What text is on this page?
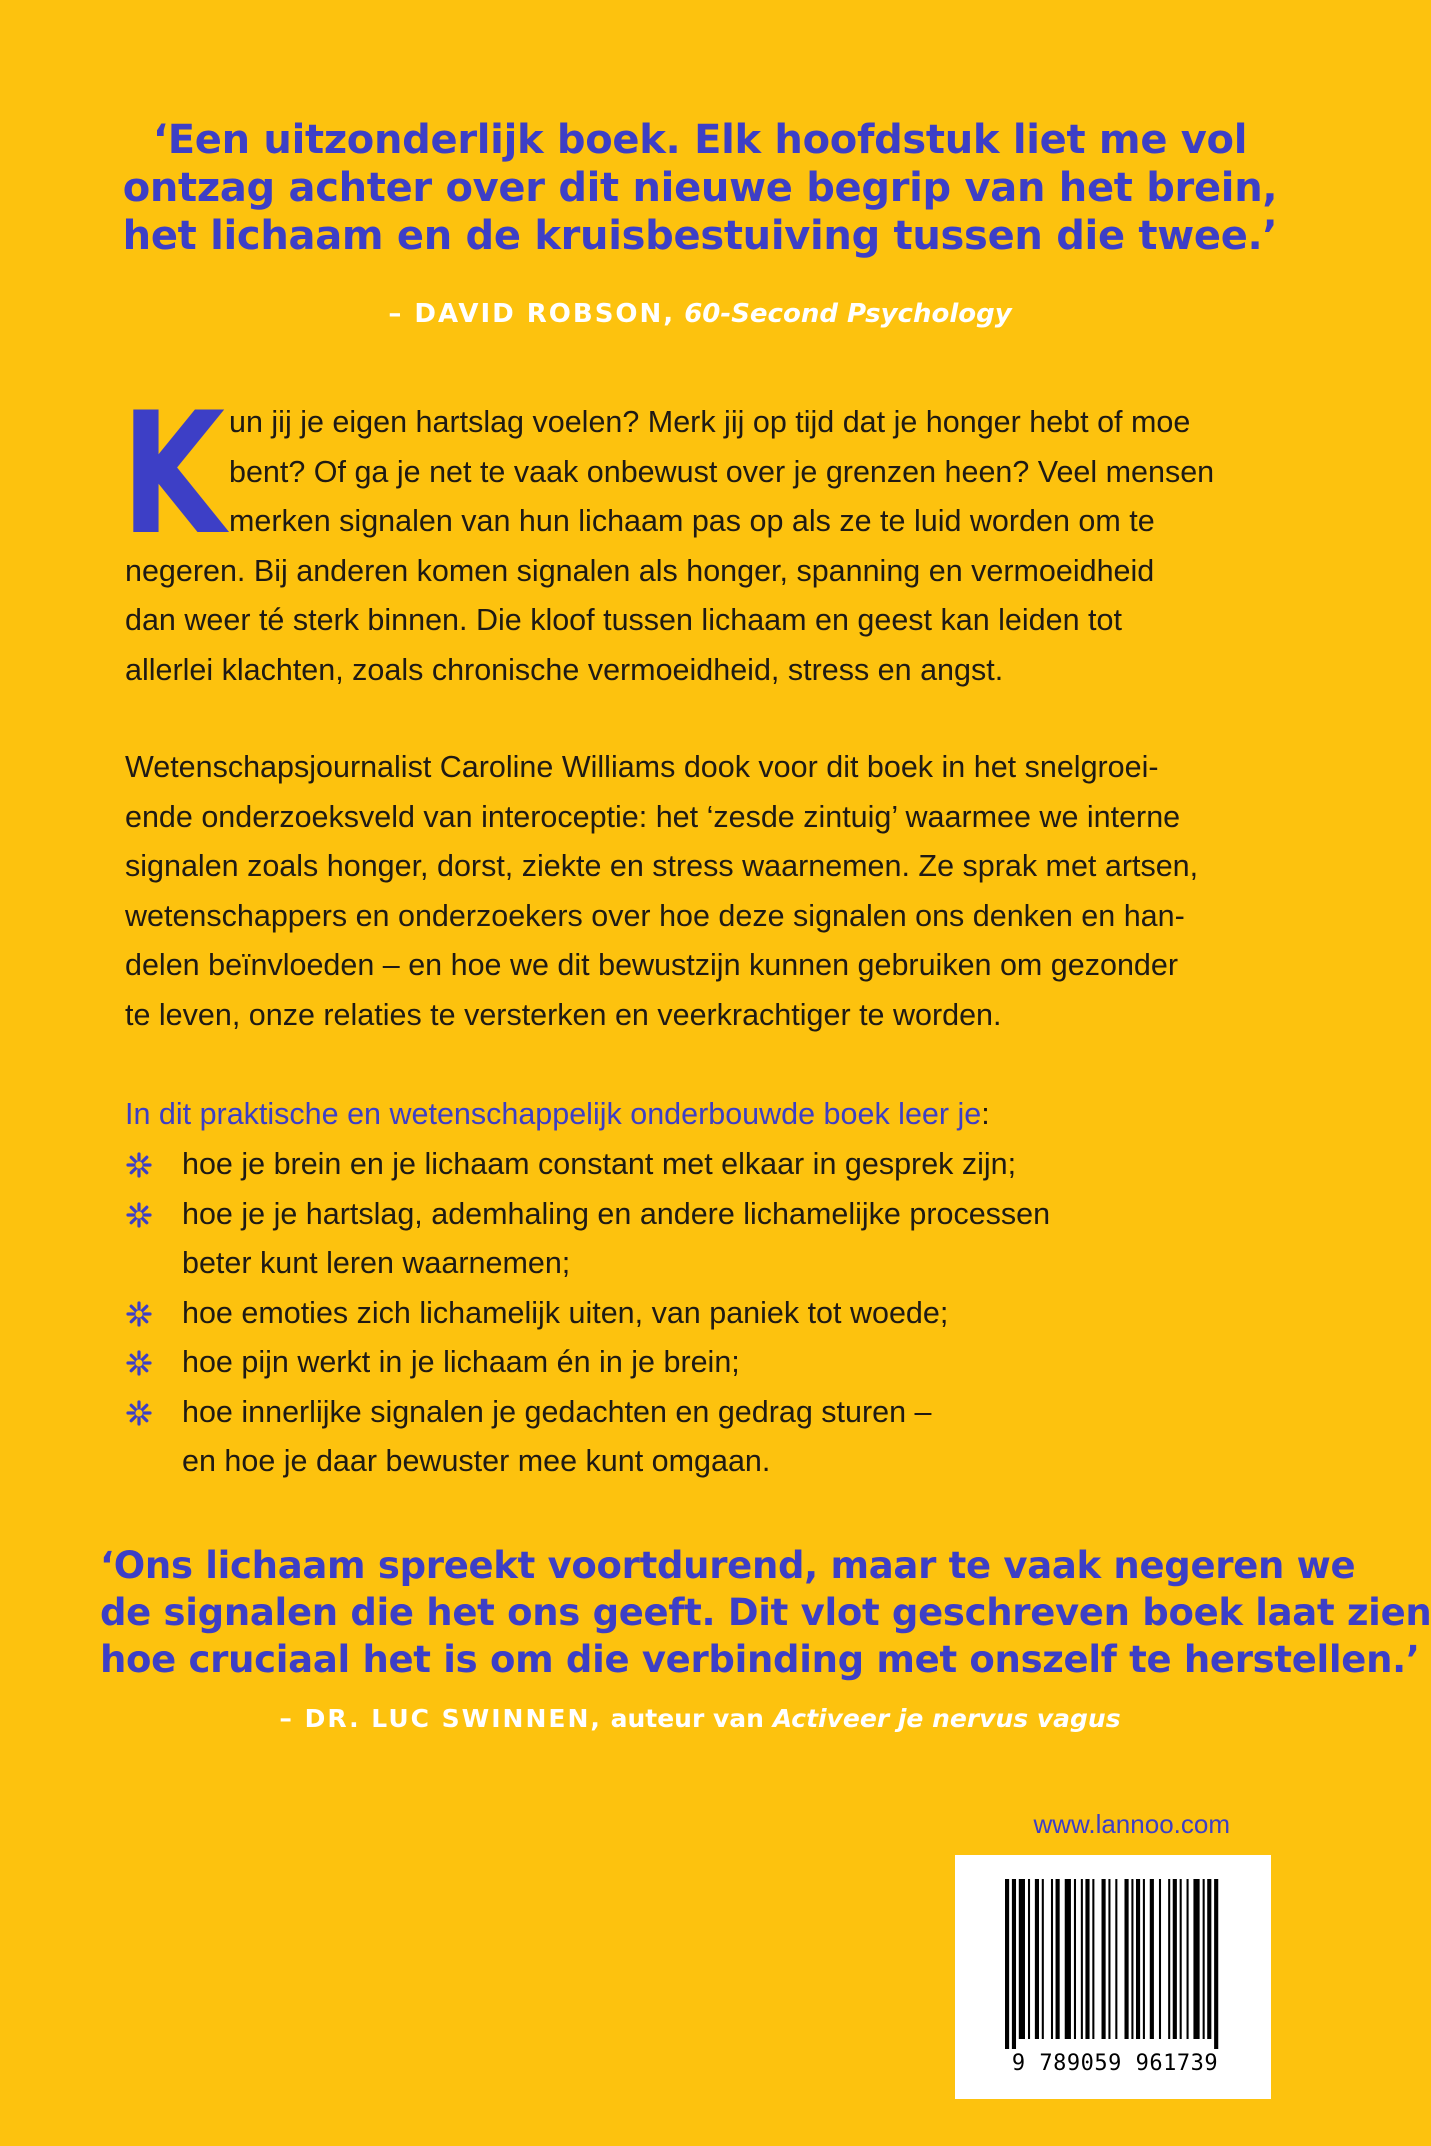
‘Een uitzonderlijk boek. Elk hoofdstuk liet me vol
ontzag achter over dit nieuwe begrip van het brein,
het lichaam en de kruisbestuiving tussen die twee.’
– DAVID ROBSON, 60-Second Psychology
K un jij je eigen hartslag voelen? Merk jij op tijd dat je honger hebt of moe
bent? Of ga je net te vaak onbewust over je grenzen heen? Veel mensen
merken signalen van hun lichaam pas op als ze te luid worden om te
negeren. Bij anderen komen signalen als honger, spanning en vermoeidheid
dan weer té sterk binnen. Die kloof tussen lichaam en geest kan leiden tot
allerlei klachten, zoals chronische vermoeidheid, stress en angst.
Wetenschapsjournalist Caroline Williams dook voor dit boek in het snelgroei-
ende onderzoeksveld van interoceptie: het ‘zesde zintuig’ waarmee we interne
signalen zoals honger, dorst, ziekte en stress waarnemen. Ze sprak met artsen,
wetenschappers en onderzoekers over hoe deze signalen ons denken en han-
delen beïnvloeden – en hoe we dit bewustzijn kunnen gebruiken om gezonder
te leven, onze relaties te versterken en veerkrachtiger te worden.
In dit praktische en wetenschappelijk onderbouwde boek leer je:
hoe je brein en je lichaam constant met elkaar in gesprek zijn;
hoe je je hartslag, ademhaling en andere lichamelijke processen
beter kunt leren waarnemen;
hoe emoties zich lichamelijk uiten, van paniek tot woede;
hoe pijn werkt in je lichaam én in je brein;
hoe innerlijke signalen je gedachten en gedrag sturen –
en hoe je daar bewuster mee kunt omgaan.
‘Ons lichaam spreekt voortdurend, maar te vaak negeren we
de signalen die het ons geeft. Dit vlot geschreven boek laat zien
hoe cruciaal het is om die verbinding met onszelf te herstellen.’
– DR. LUC SWINNEN, auteur van Activeer je nervus vagus
www.lannoo.com
9 789059 961739
